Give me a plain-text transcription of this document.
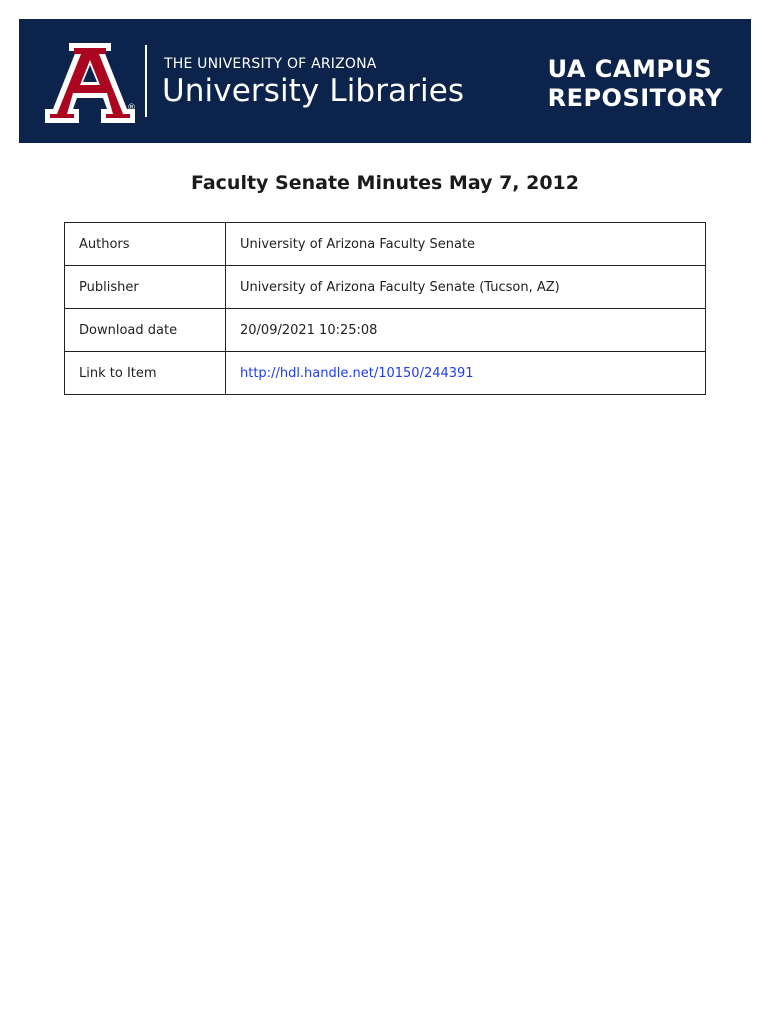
®
THE UNIVERSITY OF ARIZONA
University Libraries
UA CAMPUS
REPOSITORY
Faculty Senate Minutes May 7, 2012
Authors	University of Arizona Faculty Senate
Publisher	University of Arizona Faculty Senate (Tucson, AZ)
Download date	20/09/2021 10:25:08
Link to Item	http://hdl.handle.net/10150/244391
